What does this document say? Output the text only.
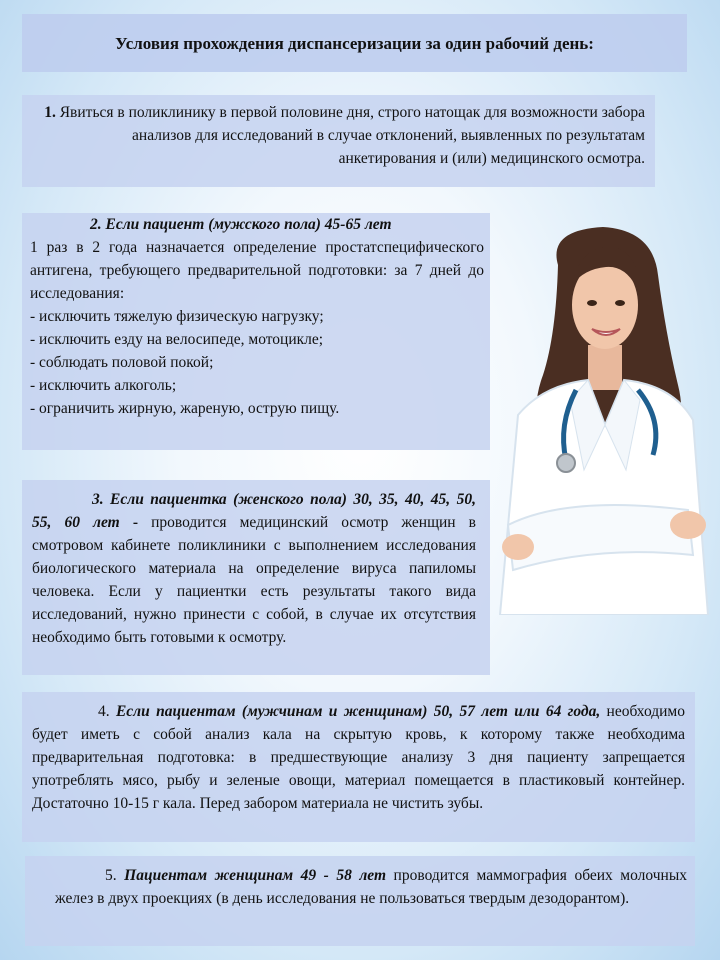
Условия прохождения диспансеризации за один рабочий день:
1. Явиться в поликлинику в первой половине дня, строго натощак для возможности забора анализов для исследований в случае отклонений, выявленных по результатам анкетирования и (или) медицинского осмотра.
2. Если пациент (мужского пола) 45-65 лет
1 раз в 2 года назначается определение простатспецифического антигена, требующего предварительной подготовки: за 7 дней до исследования:
- исключить тяжелую физическую нагрузку;
- исключить езду на велосипеде, мотоцикле;
- соблюдать половой покой;
- исключить алкоголь;
- ограничить жирную, жареную, острую пищу.
3. Если пациентка (женского пола) 30, 35, 40, 45, 50, 55, 60 лет - проводится медицинский осмотр женщин в смотровом кабинете поликлиники с выполнением исследования биологического материала на определение вируса папиломы человека. Если у пациентки есть результаты такого вида исследований, нужно принести с собой, в случае их отсутствия необходимо быть готовыми к осмотру.
4. Если пациентам (мужчинам и женщинам) 50, 57 лет или 64 года, необходимо будет иметь с собой анализ кала на скрытую кровь, к которому также необходима предварительная подготовка: в предшествующие анализу 3 дня пациенту запрещается употреблять мясо, рыбу и зеленые овощи, материал помещается в пластиковый контейнер. Достаточно 10-15 г кала. Перед забором материала не чистить зубы.
5. Пациентам женщинам 49 - 58 лет проводится маммография обеих молочных желез в двух проекциях (в день исследования не пользоваться твердым дезодорантом).
